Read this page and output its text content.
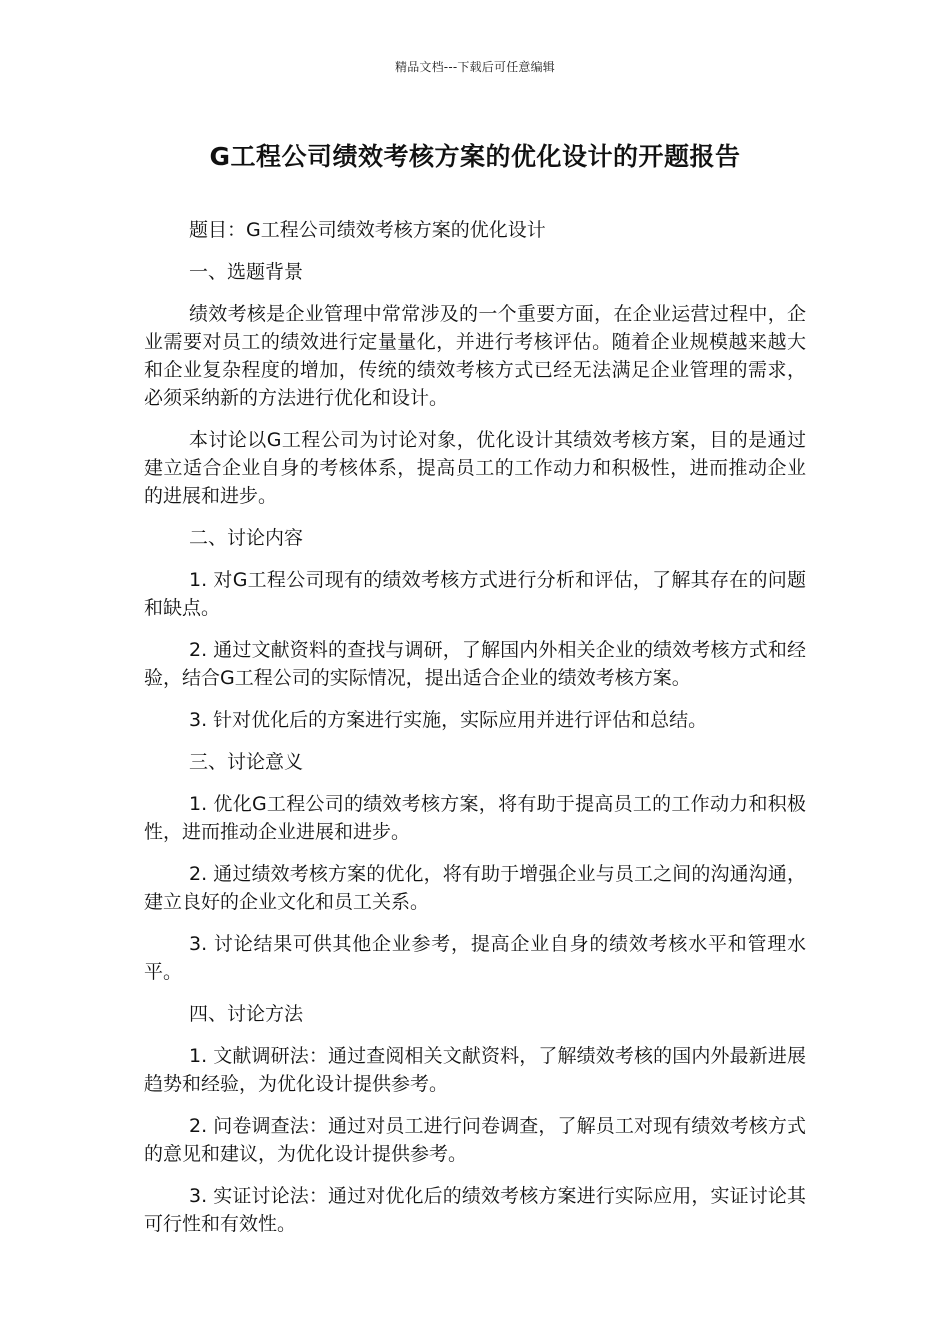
精品文档---下载后可任意编辑
G工程公司绩效考核方案的优化设计的开题报告

题目：G工程公司绩效考核方案的优化设计

一、选题背景

绩效考核是企业管理中常常涉及的一个重要方面，在企业运营过程中，企业需要对员工的绩效进行定量量化，并进行考核评估。随着企业规模越来越大和企业复杂程度的增加，传统的绩效考核方式已经无法满足企业管理的需求，必须采纳新的方法进行优化和设计。

本讨论以G工程公司为讨论对象，优化设计其绩效考核方案，目的是通过建立适合企业自身的考核体系，提高员工的工作动力和积极性，进而推动企业的进展和进步。

二、讨论内容

1. 对G工程公司现有的绩效考核方式进行分析和评估，了解其存在的问题和缺点。

2. 通过文献资料的查找与调研，了解国内外相关企业的绩效考核方式和经验，结合G工程公司的实际情况，提出适合企业的绩效考核方案。

3. 针对优化后的方案进行实施，实际应用并进行评估和总结。

三、讨论意义

1. 优化G工程公司的绩效考核方案，将有助于提高员工的工作动力和积极性，进而推动企业进展和进步。

2. 通过绩效考核方案的优化，将有助于增强企业与员工之间的沟通沟通，建立良好的企业文化和员工关系。

3. 讨论结果可供其他企业参考，提高企业自身的绩效考核水平和管理水平。

四、讨论方法

1. 文献调研法：通过查阅相关文献资料，了解绩效考核的国内外最新进展趋势和经验，为优化设计提供参考。

2. 问卷调查法：通过对员工进行问卷调查，了解员工对现有绩效考核方式的意见和建议，为优化设计提供参考。

3. 实证讨论法：通过对优化后的绩效考核方案进行实际应用，实证讨论其可行性和有效性。
